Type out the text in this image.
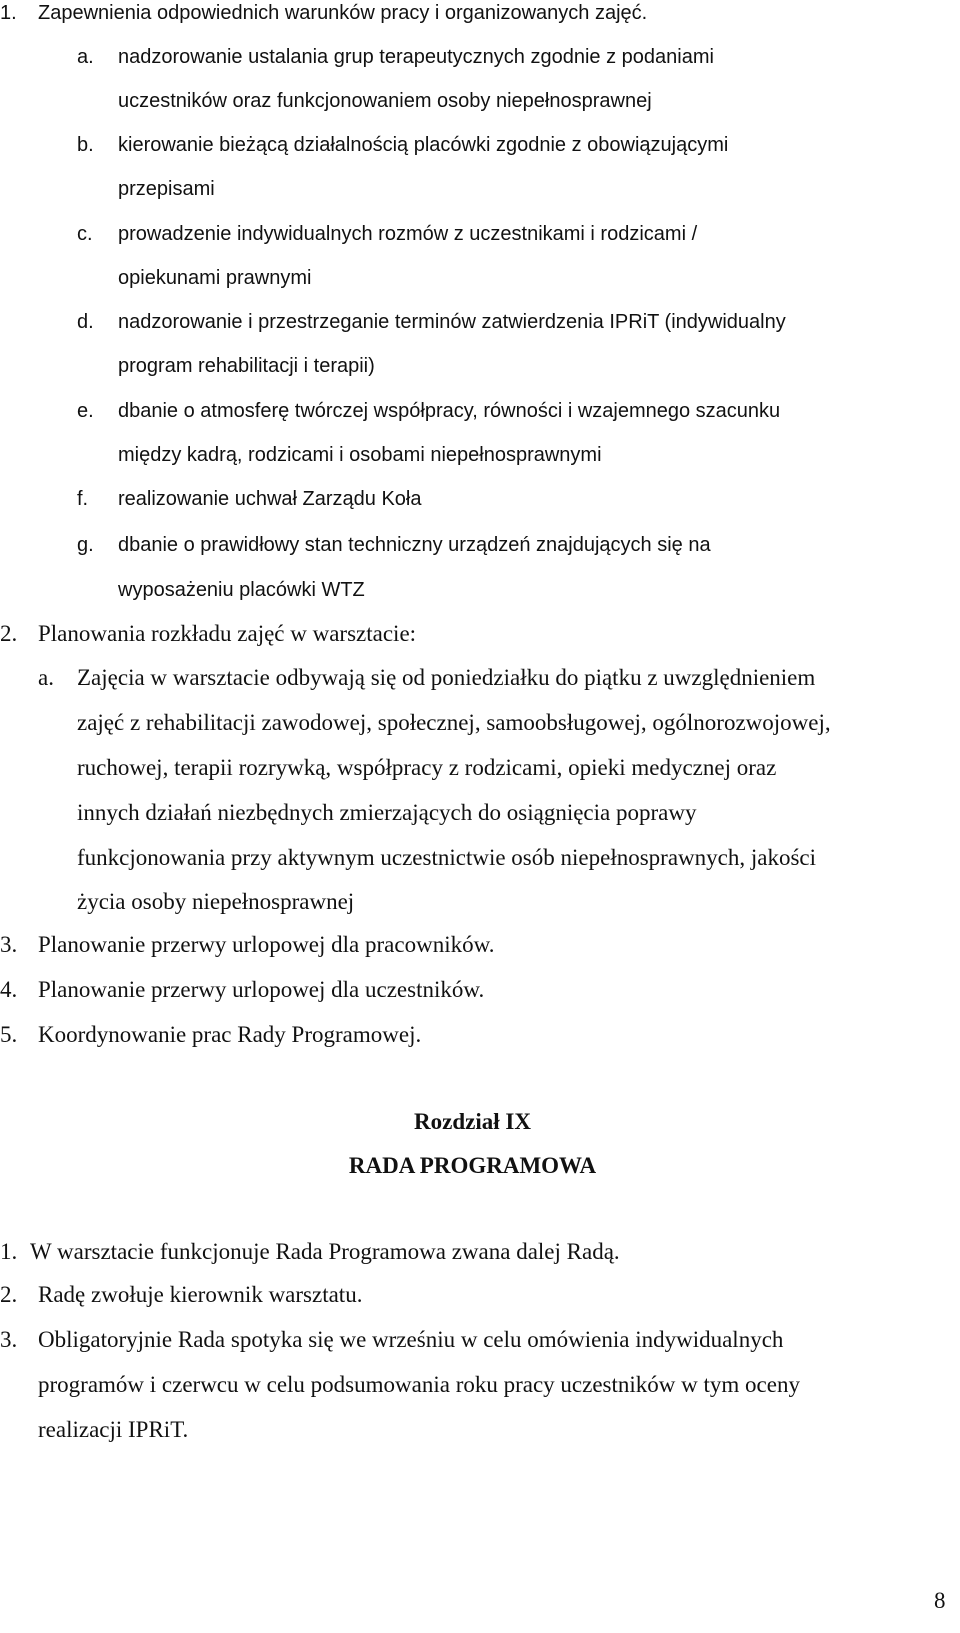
1. Zapewnienia odpowiednich warunków pracy i organizowanych zajęć.
a. nadzorowanie ustalania grup terapeutycznych zgodnie z podaniami
uczestników oraz funkcjonowaniem osoby niepełnosprawnej
b. kierowanie bieżącą działalnością placówki zgodnie z obowiązującymi
przepisami
c. prowadzenie indywidualnych rozmów z uczestnikami i rodzicami /
opiekunami prawnymi
d. nadzorowanie i przestrzeganie terminów zatwierdzenia IPRiT (indywidualny
program rehabilitacji i terapii)
e. dbanie o atmosferę twórczej współpracy, równości i wzajemnego szacunku
między kadrą, rodzicami i osobami niepełnosprawnymi
f. realizowanie uchwał Zarządu Koła
g. dbanie o prawidłowy stan techniczny urządzeń znajdujących się na
wyposażeniu placówki WTZ
2. Planowania rozkładu zajęć w warsztacie:
a. Zajęcia w warsztacie odbywają się od poniedziałku do piątku z uwzględnieniem
zajęć z rehabilitacji zawodowej, społecznej, samoobsługowej, ogólnorozwojowej,
ruchowej, terapii rozrywką, współpracy z rodzicami, opieki medycznej oraz
innych działań niezbędnych zmierzających do osiągnięcia poprawy
funkcjonowania przy aktywnym uczestnictwie osób niepełnosprawnych, jakości
życia osoby niepełnosprawnej
3. Planowanie przerwy urlopowej dla pracowników.
4. Planowanie przerwy urlopowej dla uczestników.
5. Koordynowanie prac Rady Programowej.
Rozdział IX
RADA PROGRAMOWA
1. W warsztacie funkcjonuje Rada Programowa zwana dalej Radą.
2. Radę zwołuje kierownik warsztatu.
3. Obligatoryjnie Rada spotyka się we wrześniu w celu omówienia indywidualnych
programów i czerwcu w celu podsumowania roku pracy uczestników w tym oceny
realizacji IPRiT.
8
